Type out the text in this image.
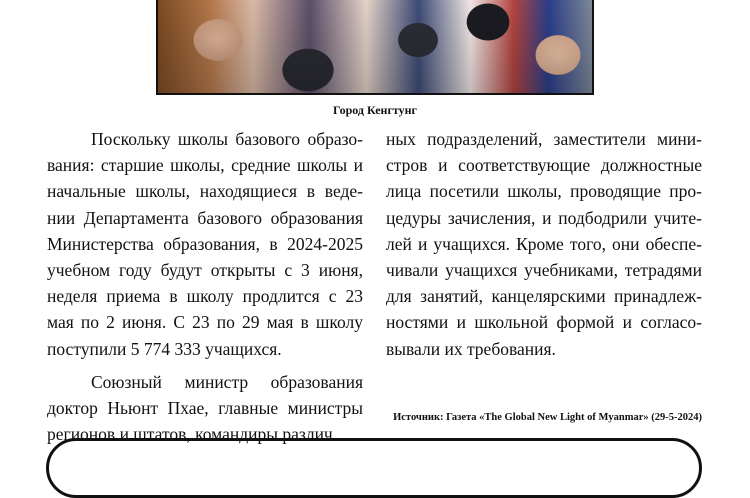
Город Кенгтунг

Поскольку школы базового образования: старшие школы, средние школы и начальные школы, находящиеся в ведении Департамента базового образования Министерства образования, в 2024-2025 учебном году будут открыты с 3 июня, неделя приема в школу продлится с 23 мая по 2 июня. С 23 по 29 мая в школу поступили 5 774 333 учащихся.

Союзный министр образования доктор Ньюнт Пхае, главные министры регионов и штатов, командиры различ

ных подразделений, заместители министров и соответствующие должностные лица посетили школы, проводящие процедуры зачисления, и подбодрили учителей и учащихся. Кроме того, они обеспечивали учащихся учебниками, тетрадями для занятий, канцелярскими принадлежностями и школьной формой и согласовывали их требования.

Источник: Газета «The Global New Light of Myanmar» (29-5-2024)
